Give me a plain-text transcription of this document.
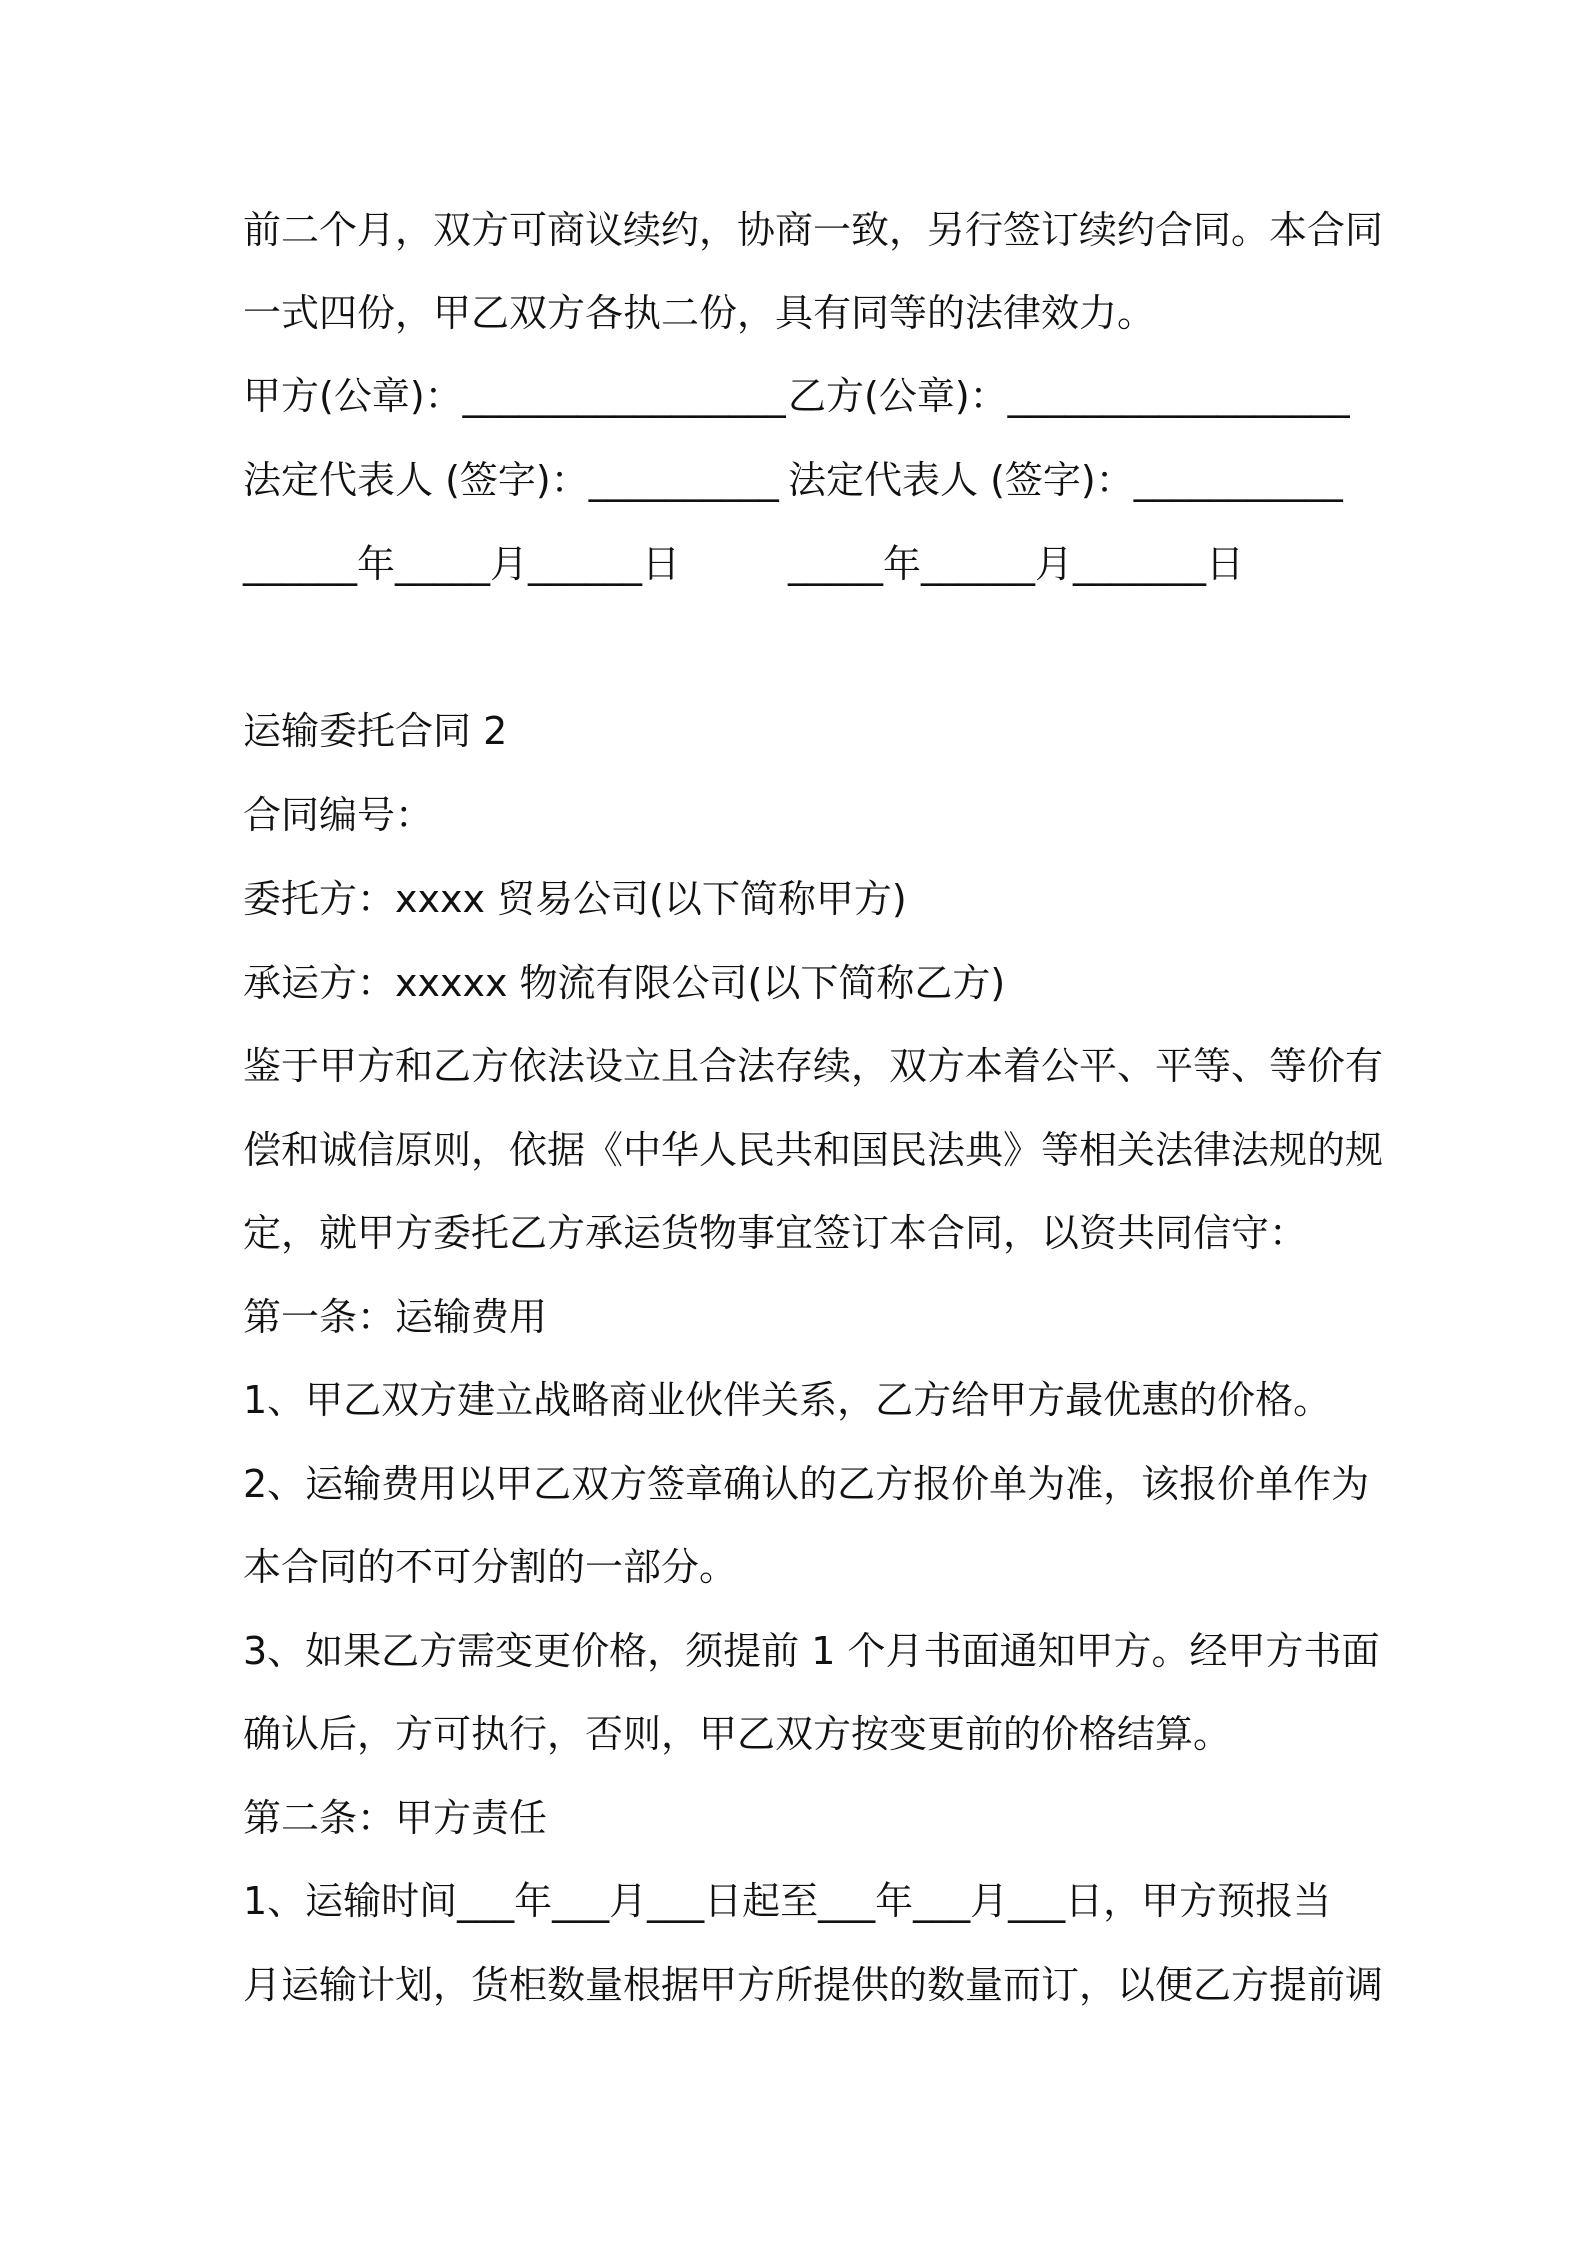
前二个月，双方可商议续约，协商一致，另行签订续约合同。本合同
一式四份，甲乙双方各执二份，具有同等的法律效力。
甲方(公章)：_________________ 乙方(公章)：__________________
法定代表人 (签字)：__________ 法定代表人 (签字)：___________
______年_____月______日	_____年______月_______日
运输委托合同 2
合同编号：
委托方：xxxx 贸易公司(以下简称甲方)
承运方：xxxxx 物流有限公司(以下简称乙方)
鉴于甲方和乙方依法设立且合法存续，双方本着公平、平等、等价有
偿和诚信原则，依据《中华人民共和国民法典》等相关法律法规的规
定，就甲方委托乙方承运货物事宜签订本合同，以资共同信守：
第一条：运输费用
1、甲乙双方建立战略商业伙伴关系，乙方给甲方最优惠的价格。
2、运输费用以甲乙双方签章确认的乙方报价单为准，该报价单作为
本合同的不可分割的一部分。
3、如果乙方需变更价格，须提前 1 个月书面通知甲方。经甲方书面
确认后，方可执行，否则，甲乙双方按变更前的价格结算。
第二条：甲方责任
1、运输时间___年___月___日起至___年___月___日，甲方预报当
月运输计划，货柜数量根据甲方所提供的数量而订，以便乙方提前调
